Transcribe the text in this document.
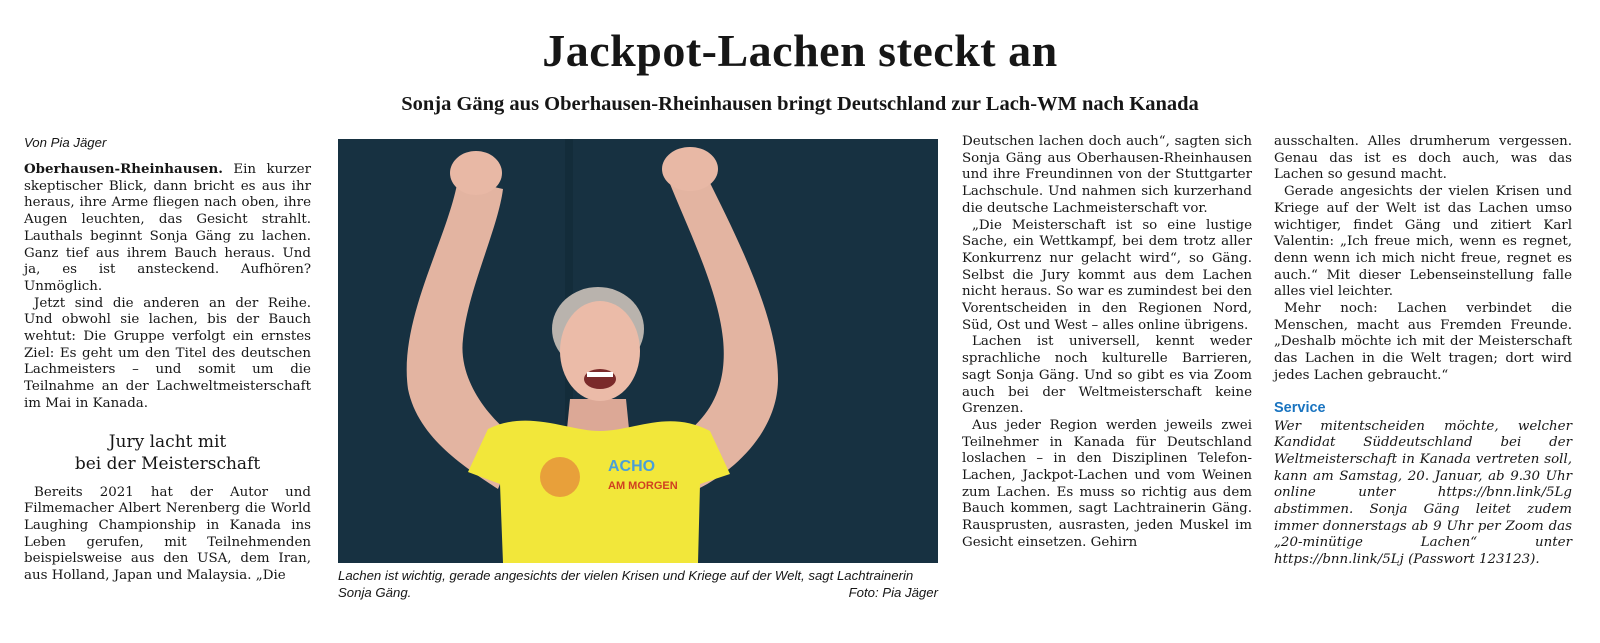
Jackpot-Lachen steckt an
Sonja Gäng aus Oberhausen-Rheinhausen bringt Deutschland zur Lach-WM nach Kanada
Von Pia Jäger

Oberhausen-Rheinhausen. Ein kurzer skeptischer Blick, dann bricht es aus ihr heraus, ihre Arme fliegen nach oben, ihre Augen leuchten, das Gesicht strahlt. Lauthals beginnt Sonja Gäng zu lachen. Ganz tief aus ihrem Bauch heraus. Und ja, es ist ansteckend. Aufhören? Unmöglich.

Jetzt sind die anderen an der Reihe. Und obwohl sie lachen, bis der Bauch wehtut: Die Gruppe verfolgt ein ernstes Ziel: Es geht um den Titel des deutschen Lachmeisters – und somit um die Teilnahme an der Lachweltmeisterschaft im Mai in Kanada.

Jury lacht mit
bei der Meisterschaft

Bereits 2021 hat der Autor und Filmemacher Albert Nerenberg die World Laughing Championship in Kanada ins Leben gerufen, mit Teilnehmenden beispielsweise aus den USA, dem Iran, aus Holland, Japan und Malaysia. „Die

ACHO
AM MORGEN
Lachen ist wichtig, gerade angesichts der vielen Krisen und Kriege auf der Welt, sagt Lachtrainerin Sonja Gäng.	Foto: Pia Jäger

Deutschen lachen doch auch“, sagten sich Sonja Gäng aus Oberhausen-Rheinhausen und ihre Freundinnen von der Stuttgarter Lachschule. Und nahmen sich kurzerhand die deutsche Lachmeisterschaft vor.

„Die Meisterschaft ist so eine lustige Sache, ein Wettkampf, bei dem trotz aller Konkurrenz nur gelacht wird“, so Gäng. Selbst die Jury kommt aus dem Lachen nicht heraus. So war es zumindest bei den Vorentscheiden in den Regionen Nord, Süd, Ost und West – alles online übrigens.

Lachen ist universell, kennt weder sprachliche noch kulturelle Barrieren, sagt Sonja Gäng. Und so gibt es via Zoom auch bei der Weltmeisterschaft keine Grenzen.

Aus jeder Region werden jeweils zwei Teilnehmer in Kanada für Deutschland loslachen – in den Disziplinen Telefon-Lachen, Jackpot-Lachen und vom Weinen zum Lachen. Es muss so richtig aus dem Bauch kommen, sagt Lachtrainerin Gäng. Rausprusten, ausrasten, jeden Muskel im Gesicht einsetzen. Gehirn

ausschalten. Alles drumherum vergessen. Genau das ist es doch auch, was das Lachen so gesund macht.

Gerade angesichts der vielen Krisen und Kriege auf der Welt ist das Lachen umso wichtiger, findet Gäng und zitiert Karl Valentin: „Ich freue mich, wenn es regnet, denn wenn ich mich nicht freue, regnet es auch.“ Mit dieser Lebenseinstellung falle alles viel leichter.

Mehr noch: Lachen verbindet die Menschen, macht aus Fremden Freunde. „Deshalb möchte ich mit der Meisterschaft das Lachen in die Welt tragen; dort wird jedes Lachen gebraucht.“

Service

Wer mitentscheiden möchte, welcher Kandidat Süddeutschland bei der Weltmeisterschaft in Kanada vertreten soll, kann am Samstag, 20. Januar, ab 9.30 Uhr online unter https://bnn.link/5Lg abstimmen. Sonja Gäng leitet zudem immer donnerstags ab 9 Uhr per Zoom das „20-minütige Lachen“ unter https://bnn.link/5Lj (Passwort 123123).
